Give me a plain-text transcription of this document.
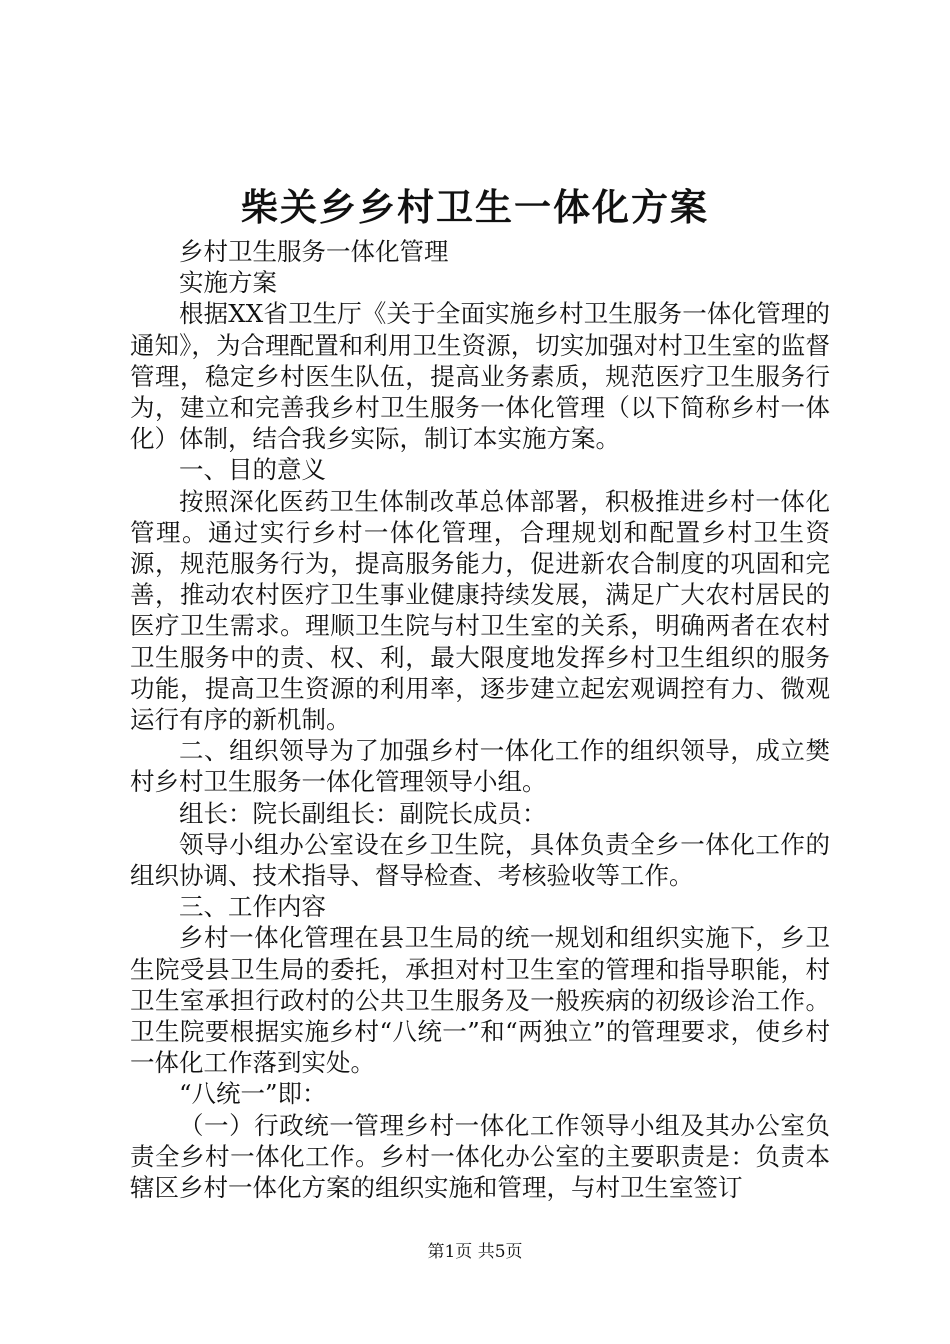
柴关乡乡村卫生一体化方案

乡村卫生服务一体化管理

实施方案

根据XX省卫生厅《关于全面实施乡村卫生服务一体化管理的通知》，为合理配置和利用卫生资源，切实加强对村卫生室的监督管理，稳定乡村医生队伍，提高业务素质，规范医疗卫生服务行为，建立和完善我乡村卫生服务一体化管理（以下简称乡村一体化）体制，结合我乡实际，制订本实施方案。

一、目的意义

按照深化医药卫生体制改革总体部署，积极推进乡村一体化管理。通过实行乡村一体化管理，合理规划和配置乡村卫生资源，规范服务行为，提高服务能力，促进新农合制度的巩固和完善，推动农村医疗卫生事业健康持续发展，满足广大农村居民的医疗卫生需求。理顺卫生院与村卫生室的关系，明确两者在农村卫生服务中的责、权、利，最大限度地发挥乡村卫生组织的服务功能，提高卫生资源的利用率，逐步建立起宏观调控有力、微观运行有序的新机制。

二、组织领导为了加强乡村一体化工作的组织领导，成立樊村乡村卫生服务一体化管理领导小组。

组长：院长副组长：副院长成员：

领导小组办公室设在乡卫生院，具体负责全乡一体化工作的组织协调、技术指导、督导检查、考核验收等工作。

三、工作内容

乡村一体化管理在县卫生局的统一规划和组织实施下，乡卫生院受县卫生局的委托，承担对村卫生室的管理和指导职能，村卫生室承担行政村的公共卫生服务及一般疾病的初级诊治工作。卫生院要根据实施乡村“八统一”和“两独立”的管理要求，使乡村一体化工作落到实处。

“八统一”即：

（一）行政统一管理乡村一体化工作领导小组及其办公室负责全乡村一体化工作。乡村一体化办公室的主要职责是：负责本辖区乡村一体化方案的组织实施和管理，与村卫生室签订

第1页 共5页
